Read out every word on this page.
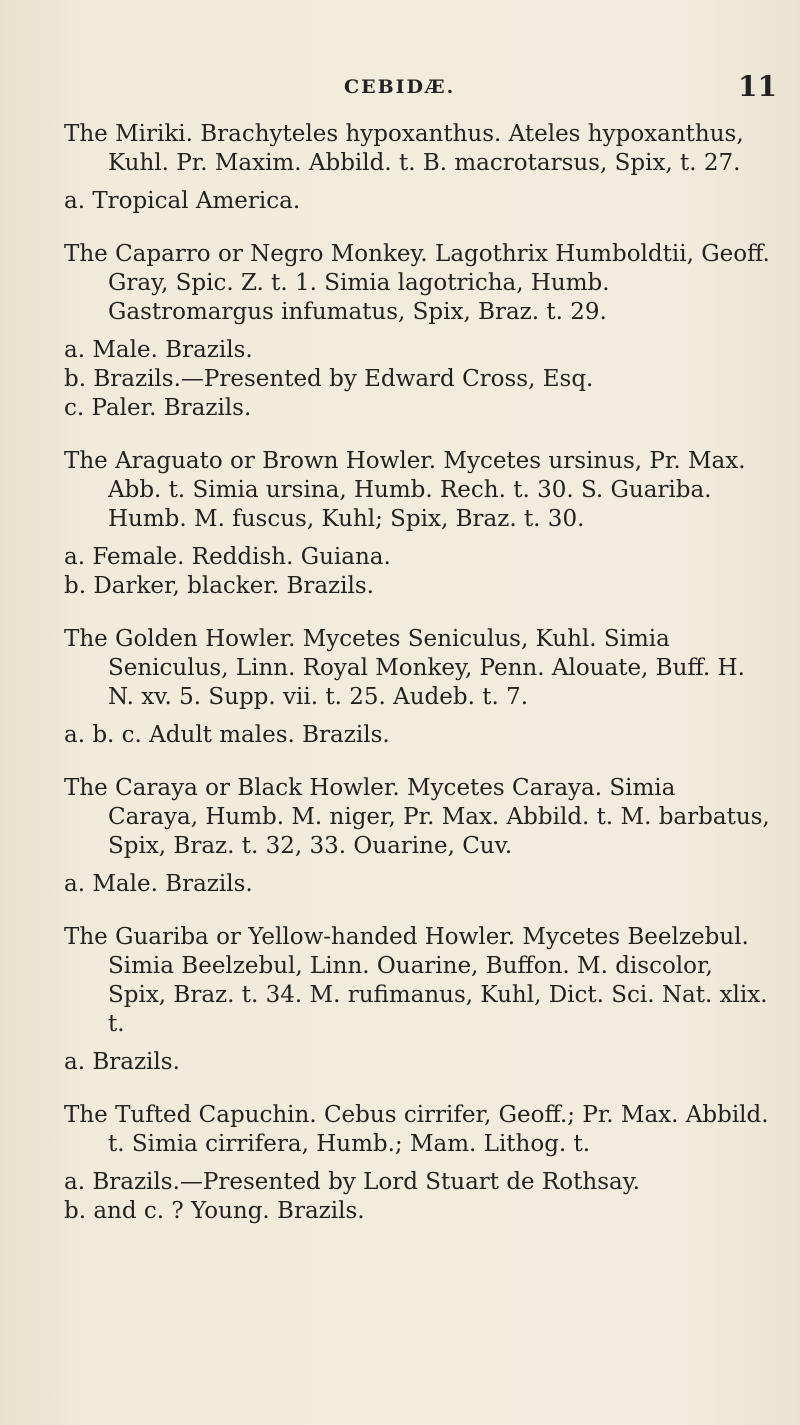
CEBIDÆ.	11
The Miriki. Brachyteles hypoxanthus. Ateles hypoxanthus, Kuhl. Pr. Maxim. Abbild. t. B. macrotarsus, Spix, t. 27.
a. Tropical America.
The Caparro or Negro Monkey. Lagothrix Humboldtii, Geoff. Gray, Spic. Z. t. 1. Simia lagotricha, Humb. Gastromargus infumatus, Spix, Braz. t. 29.
a. Male. Brazils.
b. Brazils.—Presented by Edward Cross, Esq.
c. Paler. Brazils.
The Araguato or Brown Howler. Mycetes ursinus, Pr. Max. Abb. t. Simia ursina, Humb. Rech. t. 30. S. Guariba. Humb. M. fuscus, Kuhl; Spix, Braz. t. 30.
a. Female. Reddish. Guiana.
b. Darker, blacker. Brazils.
The Golden Howler. Mycetes Seniculus, Kuhl. Simia Seniculus, Linn. Royal Monkey, Penn. Alouate, Buff. H. N. xv. 5. Supp. vii. t. 25. Audeb. t. 7.
a. b. c. Adult males. Brazils.
The Caraya or Black Howler. Mycetes Caraya. Simia Caraya, Humb. M. niger, Pr. Max. Abbild. t. M. barbatus, Spix, Braz. t. 32, 33. Ouarine, Cuv.
a. Male. Brazils.
The Guariba or Yellow-handed Howler. Mycetes Beelzebul. Simia Beelzebul, Linn. Ouarine, Buffon. M. discolor, Spix, Braz. t. 34. M. rufimanus, Kuhl, Dict. Sci. Nat. xlix. t.
a. Brazils.
The Tufted Capuchin. Cebus cirrifer, Geoff.; Pr. Max. Abbild. t. Simia cirrifera, Humb.; Mam. Lithog. t.
a. Brazils.—Presented by Lord Stuart de Rothsay.
b. and c. ? Young. Brazils.
